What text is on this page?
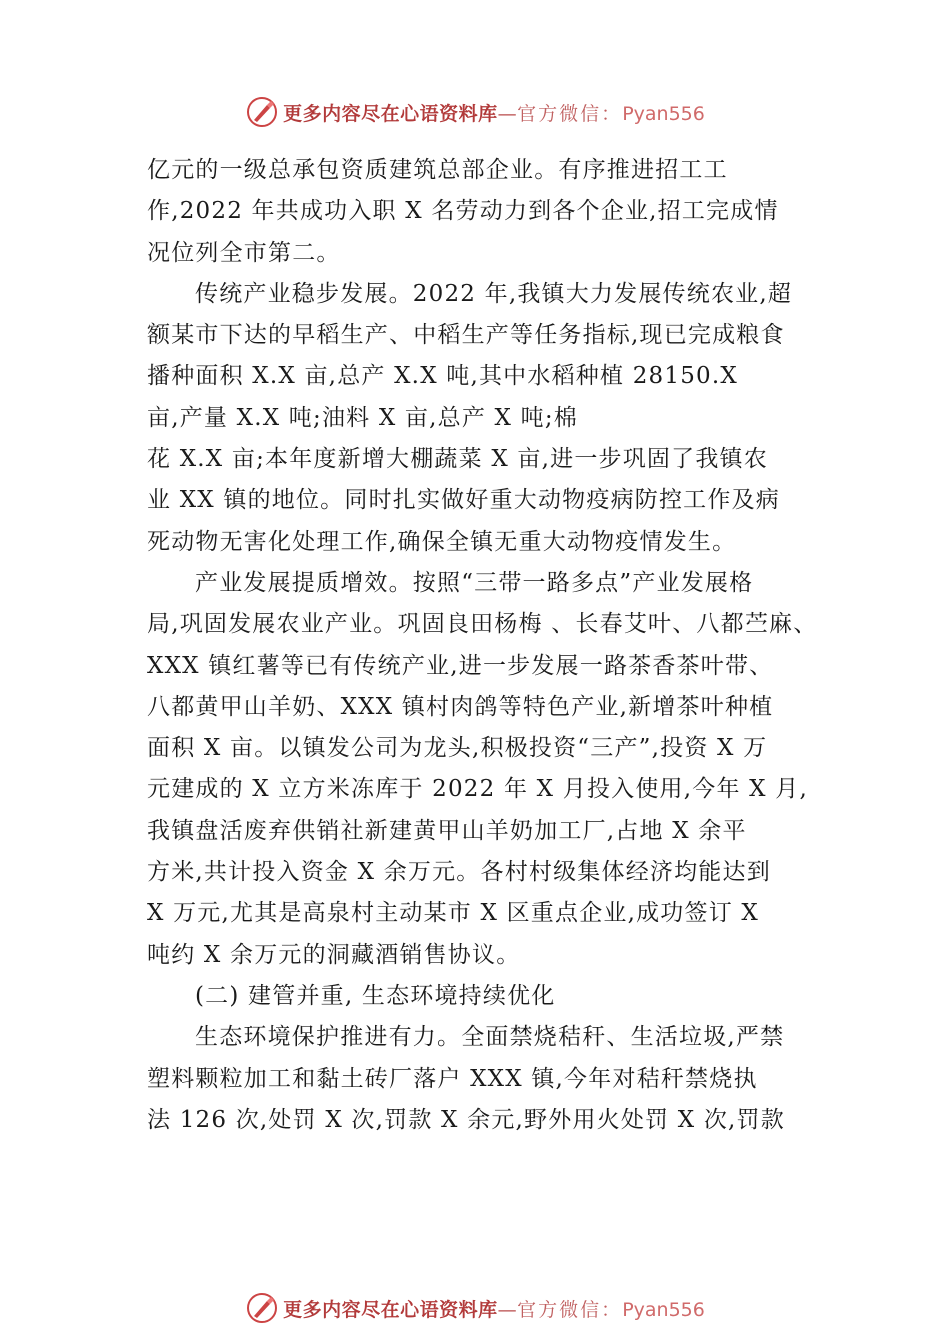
更多内容尽在心语资料库—官方微信：Pyan556
亿元的一级总承包资质建筑总部企业。有序推进招工工
作,2022 年共成功入职 X 名劳动力到各个企业,招工完成情
况位列全市第二。
传统产业稳步发展。2022 年,我镇大力发展传统农业,超
额某市下达的早稻生产、中稻生产等任务指标,现已完成粮食
播种面积 X.X 亩,总产 X.X 吨,其中水稻种植 28150.X
亩,产量 X.X 吨;油料 X 亩,总产 X 吨;棉
花 X.X 亩;本年度新增大棚蔬菜 X 亩,进一步巩固了我镇农
业 XX 镇的地位。同时扎实做好重大动物疫病防控工作及病
死动物无害化处理工作,确保全镇无重大动物疫情发生。
产业发展提质增效。按照“三带一路多点”产业发展格
局,巩固发展农业产业。巩固良田杨梅 、长春艾叶、八都苎麻、
XXX 镇红薯等已有传统产业,进一步发展一路茶香茶叶带、
八都黄甲山羊奶、XXX 镇村肉鸽等特色产业,新增茶叶种植
面积 X 亩。以镇发公司为龙头,积极投资“三产”,投资 X 万
元建成的 X 立方米冻库于 2022 年 X 月投入使用,今年 X 月,
我镇盘活废弃供销社新建黄甲山羊奶加工厂,占地 X 余平
方米,共计投入资金 X 余万元。各村村级集体经济均能达到
X 万元,尤其是高泉村主动某市 X 区重点企业,成功签订 X
吨约 X 余万元的洞藏酒销售协议。
(二) 建管并重, 生态环境持续优化
生态环境保护推进有力。全面禁烧秸秆、生活垃圾,严禁
塑料颗粒加工和黏土砖厂落户 XXX 镇,今年对秸秆禁烧执
法 126 次,处罚 X 次,罚款 X 余元,野外用火处罚 X 次,罚款
更多内容尽在心语资料库—官方微信：Pyan556
